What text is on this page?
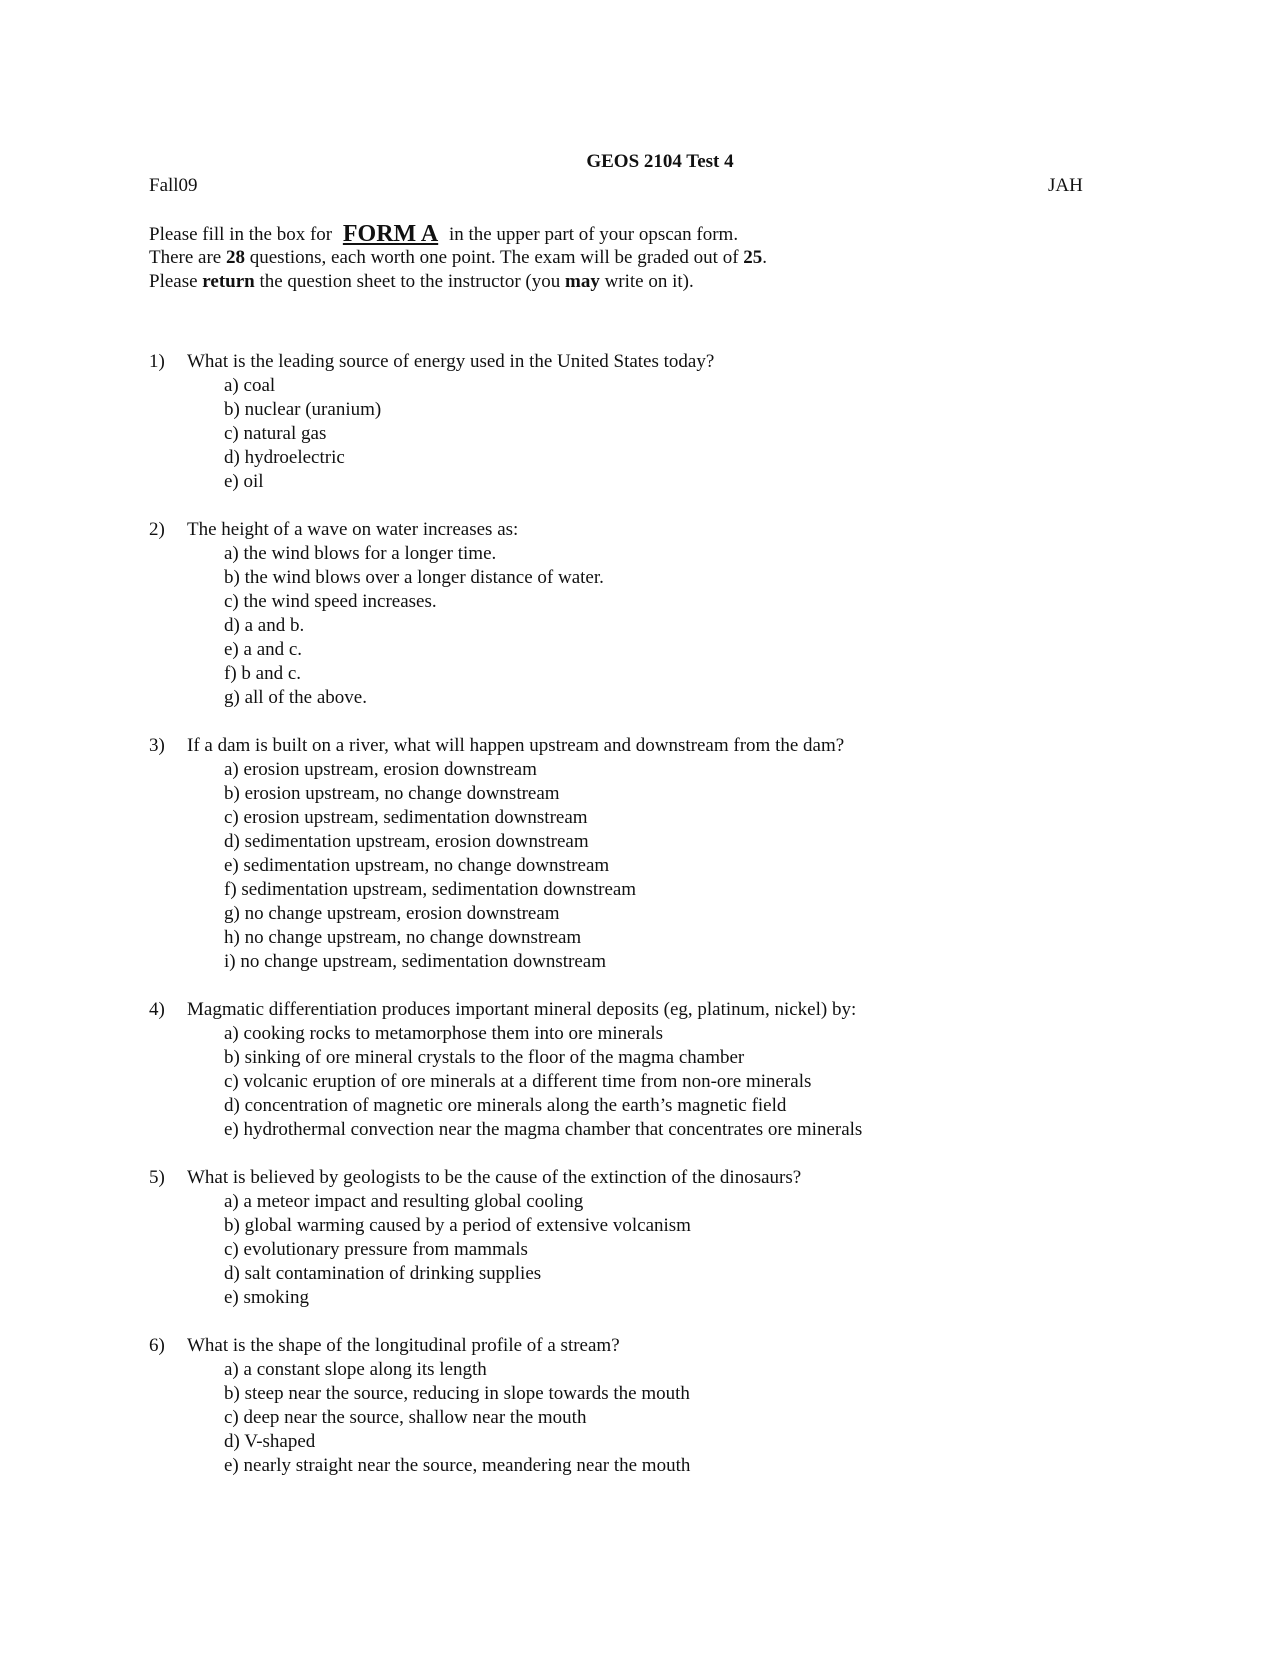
GEOS 2104 Test 4
Fall09	JAH
Please fill in the box for FORM A in the upper part of your opscan form.
There are 28 questions, each worth one point. The exam will be graded out of 25.
Please return the question sheet to the instructor (you may write on it).
1)	What is the leading source of energy used in the United States today?
a) coal
b) nuclear (uranium)
c) natural gas
d) hydroelectric
e) oil
2)	The height of a wave on water increases as:
a) the wind blows for a longer time.
b) the wind blows over a longer distance of water.
c) the wind speed increases.
d) a and b.
e) a and c.
f) b and c.
g) all of the above.
3)	If a dam is built on a river, what will happen upstream and downstream from the dam?
a) erosion upstream, erosion downstream
b) erosion upstream, no change downstream
c) erosion upstream, sedimentation downstream
d) sedimentation upstream, erosion downstream
e) sedimentation upstream, no change downstream
f) sedimentation upstream, sedimentation downstream
g) no change upstream, erosion downstream
h) no change upstream, no change downstream
i) no change upstream, sedimentation downstream
4)	Magmatic differentiation produces important mineral deposits (eg, platinum, nickel) by:
a) cooking rocks to metamorphose them into ore minerals
b) sinking of ore mineral crystals to the floor of the magma chamber
c) volcanic eruption of ore minerals at a different time from non-ore minerals
d) concentration of magnetic ore minerals along the earth’s magnetic field
e) hydrothermal convection near the magma chamber that concentrates ore minerals
5)	What is believed by geologists to be the cause of the extinction of the dinosaurs?
a) a meteor impact and resulting global cooling
b) global warming caused by a period of extensive volcanism
c) evolutionary pressure from mammals
d) salt contamination of drinking supplies
e) smoking
6)	What is the shape of the longitudinal profile of a stream?
a) a constant slope along its length
b) steep near the source, reducing in slope towards the mouth
c) deep near the source, shallow near the mouth
d) V-shaped
e) nearly straight near the source, meandering near the mouth
